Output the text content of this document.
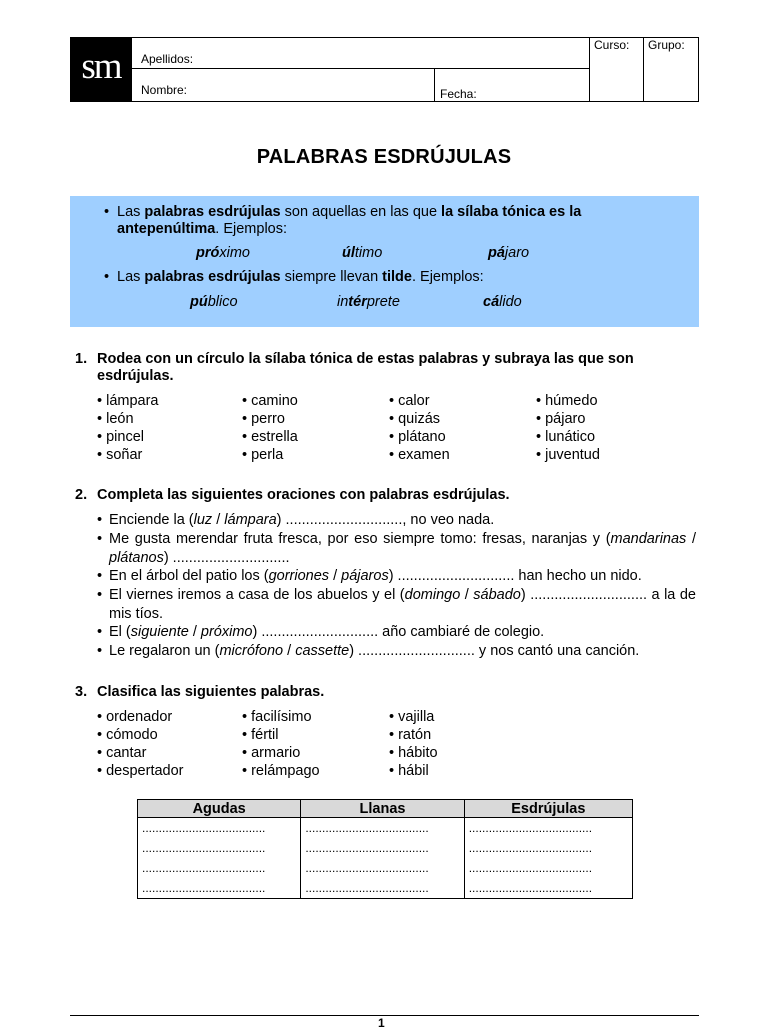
sm	Apellidos:
Nombre:	Fecha:
Curso: Grupo:
PALABRAS ESDRÚJULAS
• Las palabras esdrújulas son aquellas en las que la sílaba tónica es la
antepenúltima. Ejemplos:
próximo	último	pájaro
• Las palabras esdrújulas siempre llevan tilde. Ejemplos:
público	intérprete	cálido
1. Rodea con un círculo la sílaba tónica de estas palabras y subraya las que son
esdrújulas.
• lámpara
• león
• pincel
• soñar
• camino
• perro
• estrella
• perla
• calor
• quizás
• plátano
• examen
• húmedo
• pájaro
• lunático
• juventud
2. Completa las siguientes oraciones con palabras esdrújulas.
• Enciende la (luz / lámpara) ............................., no veo nada.
• Me gusta merendar fruta fresca, por eso siempre tomo: fresas, naranjas y (mandarinas / plátanos) .............................
• En el árbol del patio los (gorriones / pájaros) ............................. han hecho un nido.
• El viernes iremos a casa de los abuelos y el (domingo / sábado) ............................. a la de mis tíos.
• El (siguiente / próximo) ............................. año cambiaré de colegio.
• Le regalaron un (micrófono / cassette) ............................. y nos cantó una canción.
3. Clasifica las siguientes palabras.
• ordenador
• cómodo
• cantar
• despertador
• facilísimo
• fértil
• armario
• relámpago
• vajilla
• ratón
• hábito
• hábil
Agudas	Llanas	Esdrújulas
.....................................	.....................................	.....................................
.....................................	.....................................	.....................................
.....................................	.....................................	.....................................
.....................................	.....................................	.....................................
1
